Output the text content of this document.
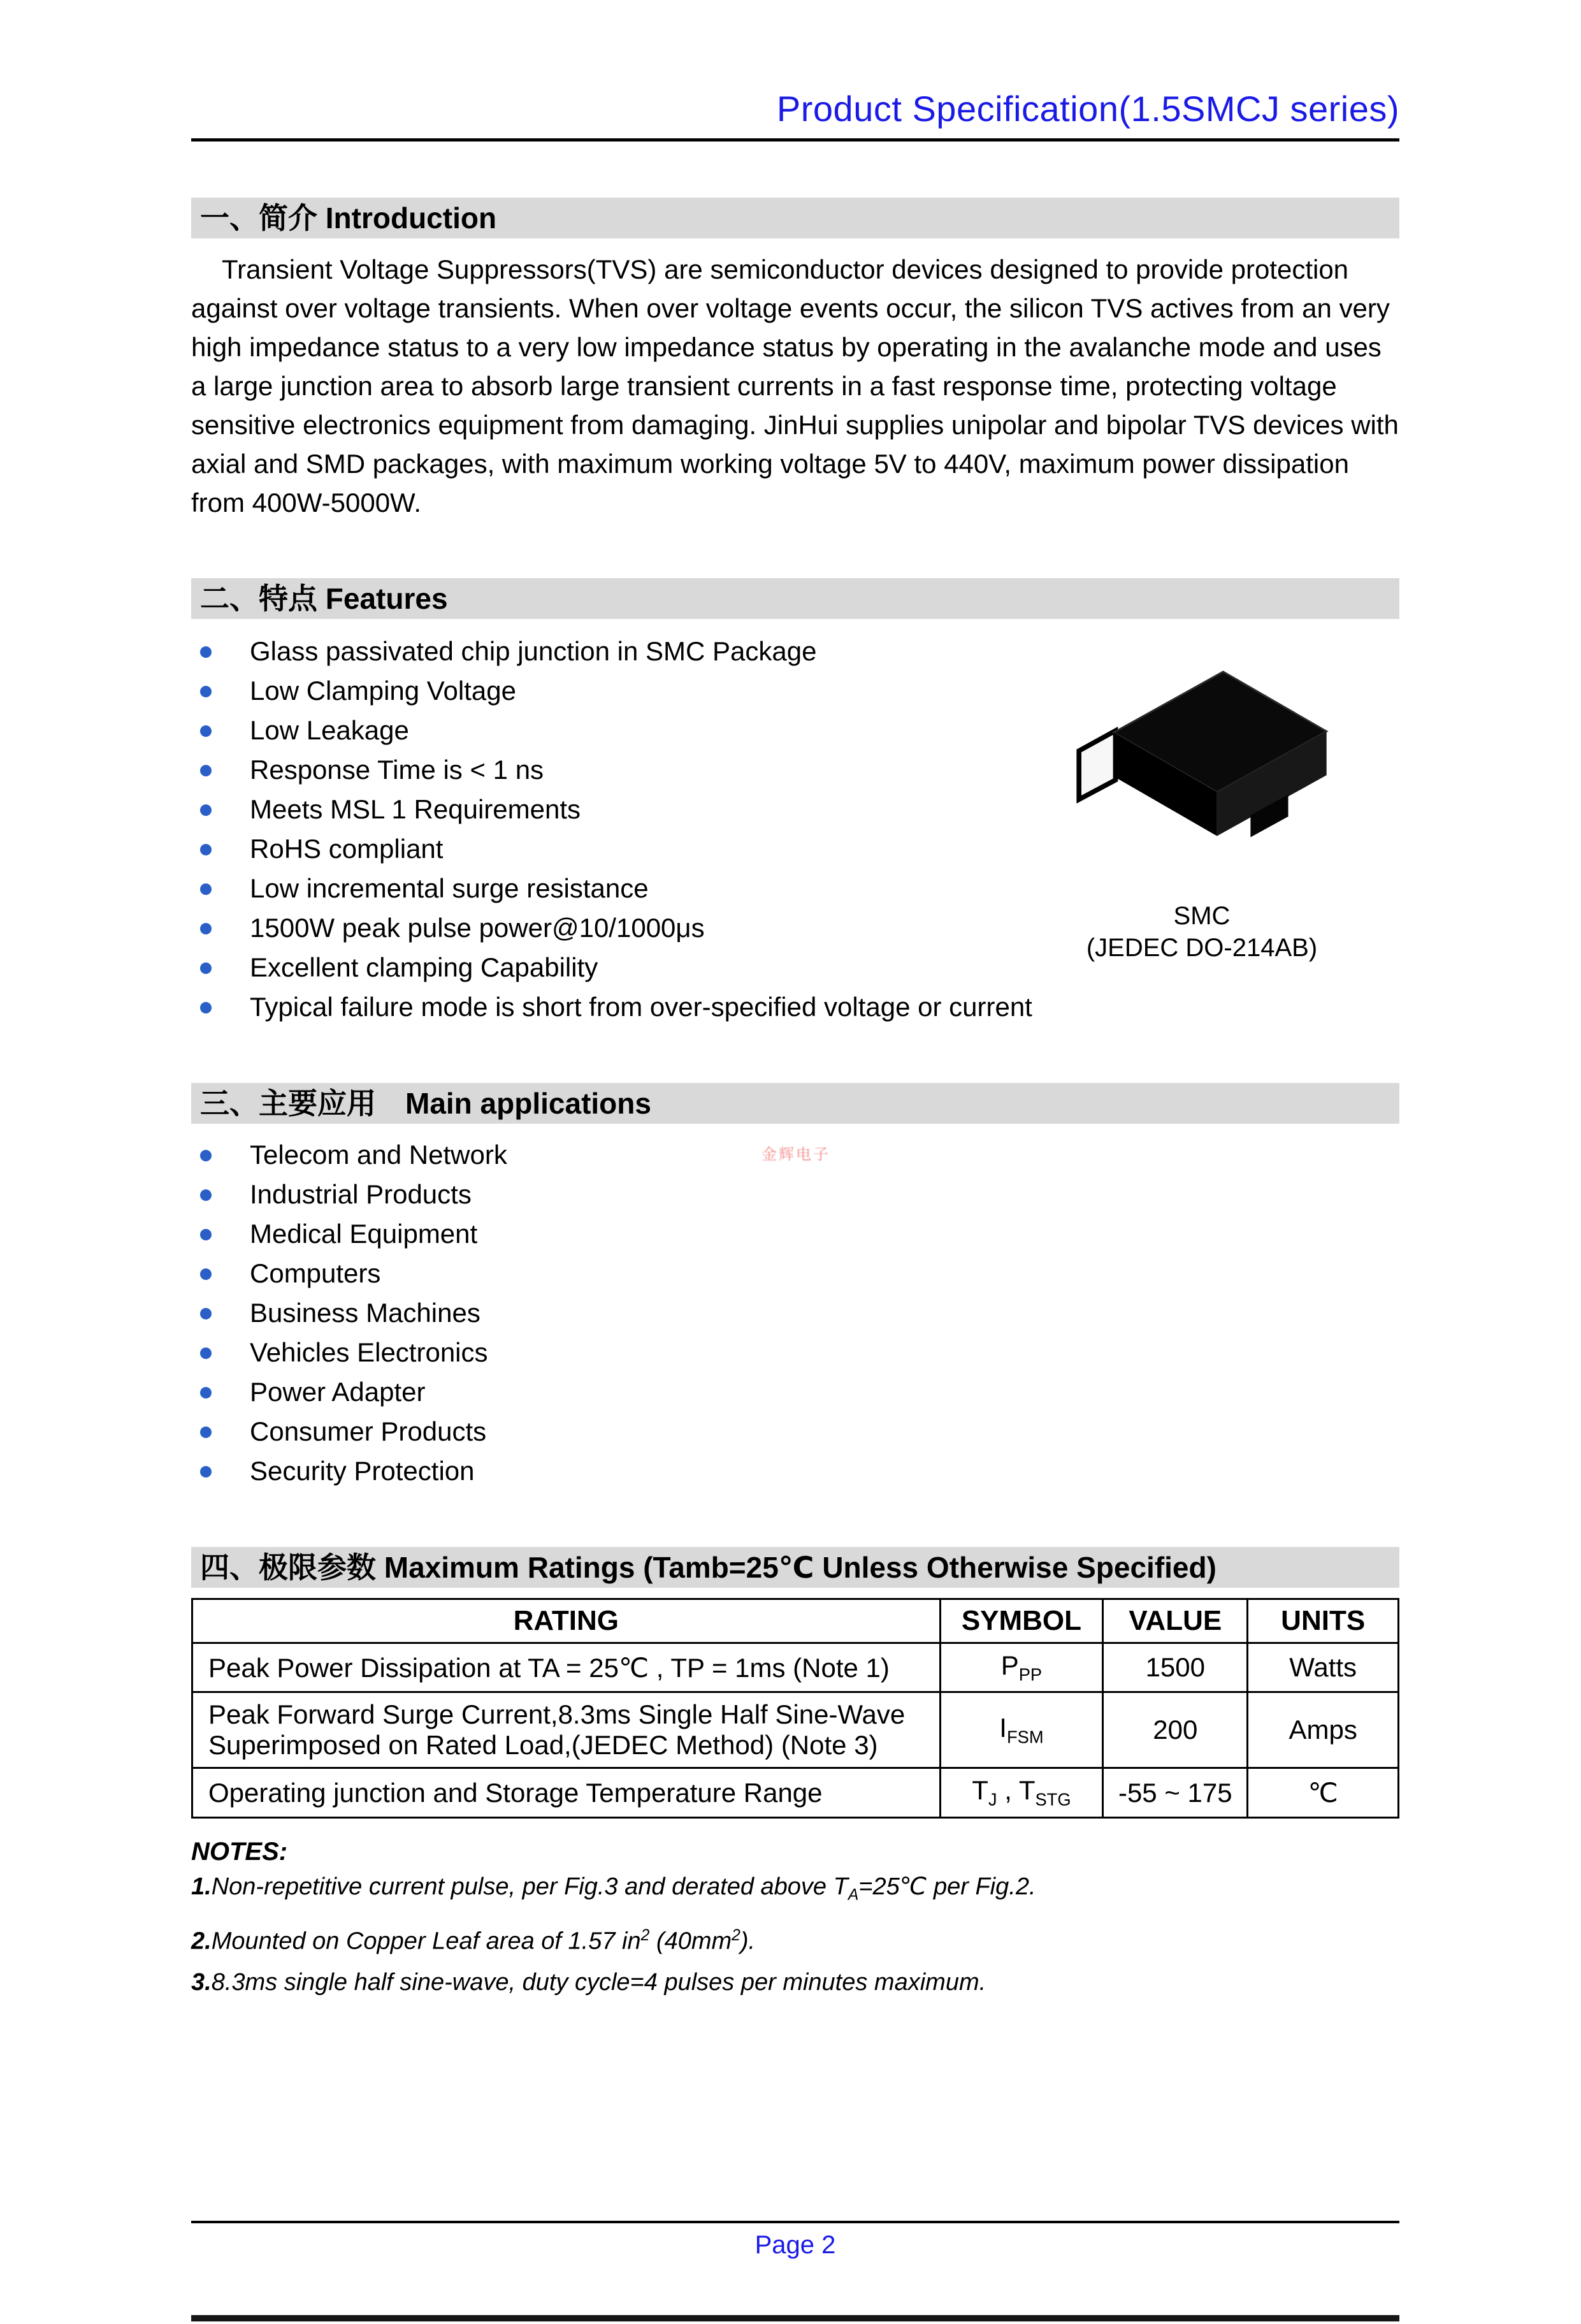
Product Specification(1.5SMCJ series)
一、简介 Introduction
Transient Voltage Suppressors(TVS) are semiconductor devices designed to provide protection against over voltage transients. When over voltage events occur, the silicon TVS actives from an very high impedance status to a very low impedance status by operating in the avalanche mode and uses a large junction area to absorb large transient currents in a fast response time, protecting voltage sensitive electronics equipment from damaging. JinHui supplies unipolar and bipolar TVS devices with axial and SMD packages, with maximum working voltage 5V to 440V, maximum power dissipation from 400W-5000W.
二、特点 Features
Glass passivated chip junction in SMC Package
Low Clamping Voltage
Low Leakage
Response Time is < 1 ns
Meets MSL 1 Requirements
RoHS compliant
Low incremental surge resistance
1500W peak pulse power@10/1000μs
Excellent clamping Capability
Typical failure mode is short from over-specified voltage or current
SMC
(JEDEC DO-214AB)
三、主要应用　Main applications
金辉电子
Telecom and Network
Industrial Products
Medical Equipment
Computers
Business Machines
Vehicles Electronics
Power Adapter
Consumer Products
Security Protection
四、极限参数 Maximum Ratings (Tamb=25℃ Unless Otherwise Specified)
RATING	SYMBOL	VALUE	UNITS
Peak Power Dissipation at TA = 25℃ , TP = 1ms (Note 1)	$P_{PP}$	1500	Watts
Peak Forward Surge Current,8.3ms Single Half Sine-Wave Superimposed on Rated Load,(JEDEC Method) (Note 3)	$I_{FSM}$	200	Amps
Operating junction and Storage Temperature Range	$T_J$ , $T_{STG}$	-55 ~ 175	℃
NOTES:
1.Non-repetitive current pulse, per Fig.3 and derated above $T_A=25℃$ per Fig.2.
2.Mounted on Copper Leaf area of 1.57 $in^2$ $(40mm^2)$.
3.8.3ms single half sine-wave, duty cycle=4 pulses per minutes maximum.
Page 2
